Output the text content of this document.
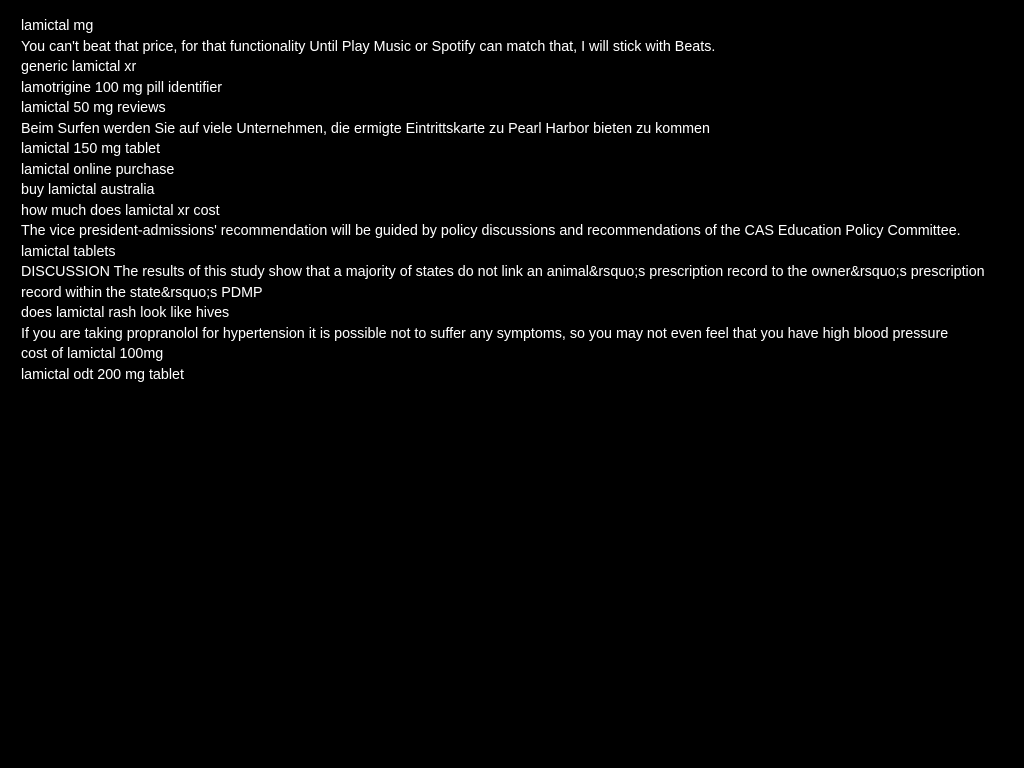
lamictal mg
You can't beat that price, for that functionality Until Play Music or Spotify can match that, I will stick with Beats.
generic lamictal xr
lamotrigine 100 mg pill identifier
lamictal 50 mg reviews
Beim Surfen werden Sie auf viele Unternehmen, die ermigte Eintrittskarte zu Pearl Harbor bieten zu kommen
lamictal 150 mg tablet
lamictal online purchase
buy lamictal australia
how much does lamictal xr cost
The vice president-admissions' recommendation will be guided by policy discussions and recommendations of the CAS Education Policy Committee.
lamictal tablets
DISCUSSION The results of this study show that a majority of states do not link an animal&rsquo;s prescription record to the owner&rsquo;s prescription record within the state&rsquo;s PDMP
does lamictal rash look like hives
If you are taking propranolol for hypertension it is possible not to suffer any symptoms, so you may not even feel that you have high blood pressure
cost of lamictal 100mg
lamictal odt 200 mg tablet
